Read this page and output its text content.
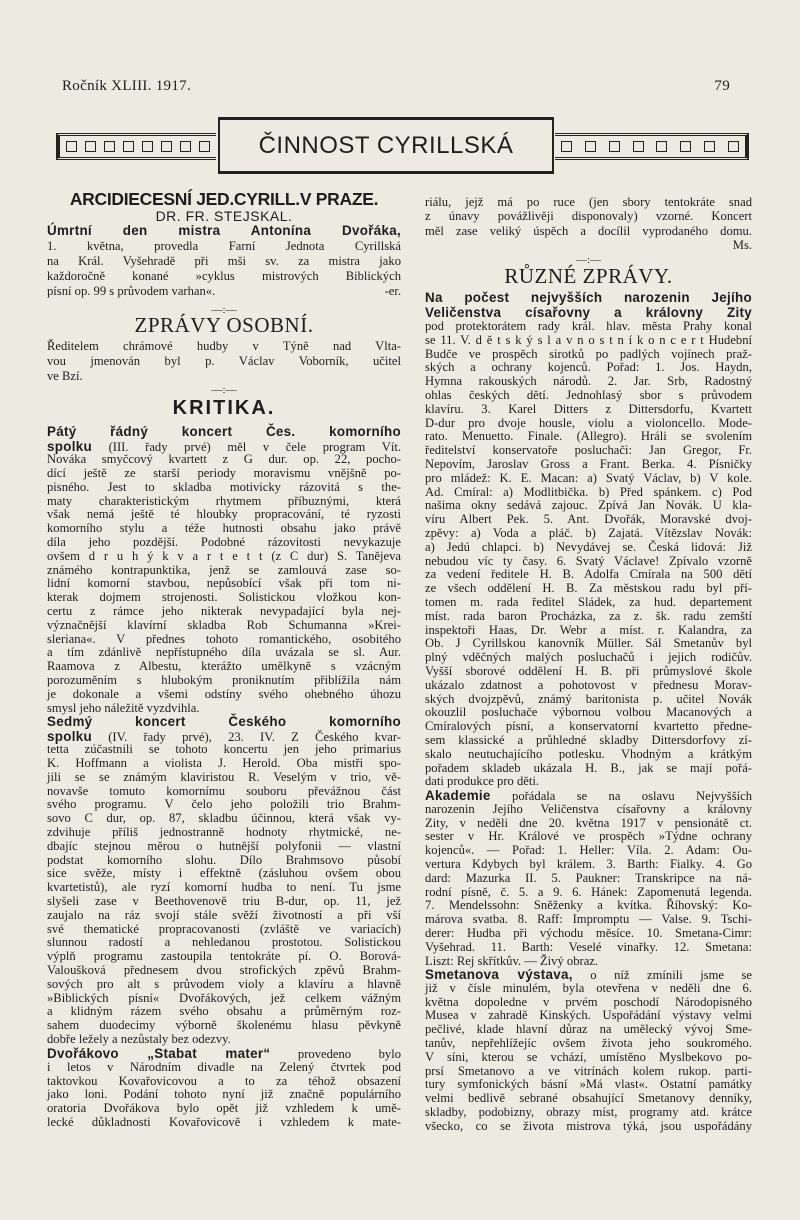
Ročník XLIII. 1917.	79
ČINNOST CYRILLSKÁ
ARCIDIECESNÍ JED.CYRILL.V PRAZE.
DR. FR. STEJSKAL.
Úmrtní den mistra Antonína Dvořáka,
1. května, provedla Farní Jednota Cyrillská
na Král. Vyšehradě při mši sv. za mistra jako
každoročně konané »cyklus mistrových Biblických
-er.
písní op. 99 s průvodem varhan«.
—:—
ZPRÁVY OSOBNÍ.
Ředitelem chrámové hudby v Týně nad Vlta-
vou jmenován byl p. Václav Voborník, učitel
ve Bzí.
—:—
KRITIKA.
Pátý řádný koncert Čes. komorního
spolku (III. řady prvé) měl v čele program Vít.
Nováka smyčcový kvartett z G dur. op. 22, pocho-
dící ještě ze starší periody moravismu vnějšně po-
pisného. Jest to skladba motivicky rázovitá s the-
maty charakteristickým rhytmem příbuznými, která
však nemá ještě té hloubky propracování, té ryzosti
komorního stylu a téže hutnosti obsahu jako právě
díla jeho pozdější. Podobné rázovitosti nevykazuje
ovšem d r u h ý k v a r t e t t (z C dur) S. Tanějeva
známého kontrapunktika, jenž se zamlouvá zase so-
lidní komorní stavbou, nepůsobící však při tom ni-
kterak dojmem strojenosti. Solistickou vložkou kon-
certu z rámce jeho nikterak nevypadající byla nej-
význačnější klavírní skladba Rob Schumanna »Krei-
sleriana«. V přednes tohoto romantického, osobitého
a tím zdánlivě nepřístupného díla uvázala se sl. Aur.
Raamova z Albestu, kterážto umělkyně s vzácným
porozuměním s hlubokým proniknutím přiblížila nám
je dokonale a všemi odstíny svého ohebného úhozu
smysl jeho náležitě vyzdvihla.
Sedmý koncert Českého komorního
spolku (IV. řady prvé), 23. IV. Z Českého kvar-
tetta zúčastnili se tohoto koncertu jen jeho primarius
K. Hoffmann a violista J. Herold. Oba mistři spo-
jili se se známým klaviristou R. Veselým v trio, vě-
novavše tomuto komornímu souboru převážnou část
svého programu. V čelo jeho položili trio Brahm-
sovo C dur, op. 87, skladbu účinnou, která však vy-
zdvihuje příliš jednostranně hodnoty rhytmické, ne-
dbajíc stejnou měrou o hutnější polyfonii — vlastní
podstat komorního slohu. Dílo Brahmsovo působí
sice svěže, místy i effektně (zásluhou ovšem obou
kvartetistů), ale ryzí komorní hudba to není. Tu jsme
slyšeli zase v Beethovenově triu B-dur, op. 11, jež
zaujalo na ráz svojí stále svěží životností a při vší
své thematické propracovanosti (zvláště ve variacích)
slunnou radostí a nehledanou prostotou. Solistickou
výplň programu zastoupila tentokráte pí. O. Borová-
Valoušková přednesem dvou strofických zpěvů Brahm-
sových pro alt s průvodem violy a klavíru a hlavně
»Biblických písní« Dvořákových, jež celkem vážným
a klidným rázem svého obsahu a průměrným roz-
sahem duodecimy výborně školenému hlasu pěvkyně
dobře ležely a nezůstaly bez odezvy.
Dvořákovo „Stabat mater“ provedeno bylo
i letos v Národním divadle na Zelený čtvrtek pod
taktovkou Kovařovicovou a to za téhož obsazení
jako loni. Podání tohoto nyní již značně populárního
oratoria Dvořákova bylo opět již vzhledem k umě-
lecké důkladnosti Kovařovicově i vzhledem k mate-
riálu, jejž má po ruce (jen sbory tentokráte snad
z únavy povážlivěji disponovaly) vzorné. Koncert
měl zase veliký úspěch a docílil vyprodaného domu.
Ms.
—:—
RŮZNÉ ZPRÁVY.
Na počest nejvyšších narozenin Jejího
Veličenstva císařovny a královny Zity
pod protektorátem rady král. hlav. města Prahy konal
se 11. V. d ě t s k ý s l a v n o s t n í k o n c e r t Hudební
Budče ve prospěch sirotků po padlých vojínech praž-
ských a ochrany kojenců. Pořad: 1. Jos. Haydn,
Hymna rakouských národů. 2. Jar. Srb, Radostný
ohlas českých dětí. Jednohlasý sbor s průvodem
klavíru. 3. Karel Ditters z Dittersdorfu, Kvartett
D-dur pro dvoje housle, violu a violoncello. Mode-
rato. Menuetto. Finale. (Allegro). Hráli se svolením
ředitelství konservatoře posluchači: Jan Gregor, Fr.
Nepovím, Jaroslav Gross a Frant. Berka. 4. Písničky
pro mládež: K. E. Macan: a) Svatý Václav, b) V kole.
Ad. Cmíral: a) Modlitbička. b) Před spánkem. c) Pod
našima okny sedává zajouc. Zpívá Jan Novák. U kla-
víru Albert Pek. 5. Ant. Dvořák, Moravské dvoj-
zpěvy: a) Voda a pláč. b) Zajatá. Vítězslav Novák:
a) Jedú chlapci. b) Nevydávej se. Česká lidová: Již
nebudou víc ty časy. 6. Svatý Václave! Zpívalo vzorně
za vedení ředitele H. B. Adolfa Cmírala na 500 dětí
ze všech oddělení H. B. Za městskou radu byl pří-
tomen m. rada ředitel Sládek, za hud. departement
míst. rada baron Procházka, za z. šk. radu zemští
inspektoři Haas, Dr. Webr a míst. r. Kalandra, za
Ob. J Cyrillskou kanovník Müller. Sál Smetanův byl
plný vděčných malých posluchačů i jejich rodičův.
Vyšší sborové oddělení H. B. při průmyslové škole
ukázalo zdatnost a pohotovost v přednesu Morav-
ských dvojzpěvů, známý baritonista p. učitel Novák
okouzlil posluchače výbornou volbou Macanových a
Cmíralových písní, a konservatorní kvartetto předne-
sem klassické a průhledné skladby Dittersdorfovy zí-
skalo neutuchajícího potlesku. Vhodným a krátkým
pořadem skladeb ukázala H. B., jak se mají pořá-
dati produkce pro děti.
Akademie pořádala se na oslavu Nejvyšších
narozenin Jejího Veličenstva císařovny a královny
Zity, v neděli dne 20. května 1917 v pensionátě ct.
sester v Hr. Králové ve prospěch »Týdne ochrany
kojenců«. — Pořad: 1. Heller: Víla. 2. Adam: Ou-
vertura Kdybych byl králem. 3. Barth: Fialky. 4. Go
dard: Mazurka II. 5. Paukner: Transkripce na ná-
rodní písně, č. 5. a 9. 6. Hánek: Zapomenutá legenda.
7. Mendelssohn: Sněženky a kvítka. Říhovský: Ko-
márova svatba. 8. Raff: Impromptu — Valse. 9. Tschi-
derer: Hudba při východu měsíce. 10. Smetana-Cimr:
Vyšehrad. 11. Barth: Veselé vinařky. 12. Smetana:
Liszt: Rej skřítkův. — Živý obraz.
Smetanova výstava, o níž zmínili jsme se
již v čísle minulém, byla otevřena v neděli dne 6.
května dopoledne v prvém poschodí Národopisného
Musea v zahradě Kinských. Uspořádání výstavy velmi
pečlivé, klade hlavní důraz na umělecký vývoj Sme-
tanův, nepřehlížejíc ovšem života jeho soukromého.
V síni, kterou se vchází, umístěno Myslbekovo po-
prsí Smetanovo a ve vitrínách kolem rukop. parti-
tury symfonických básní »Má vlast«. Ostatní památky
velmi bedlivě sebrané obsahující Smetanovy denníky,
skladby, podobizny, obrazy míst, programy atd. krátce
všecko, co se života mistrova týká, jsou uspořádány
